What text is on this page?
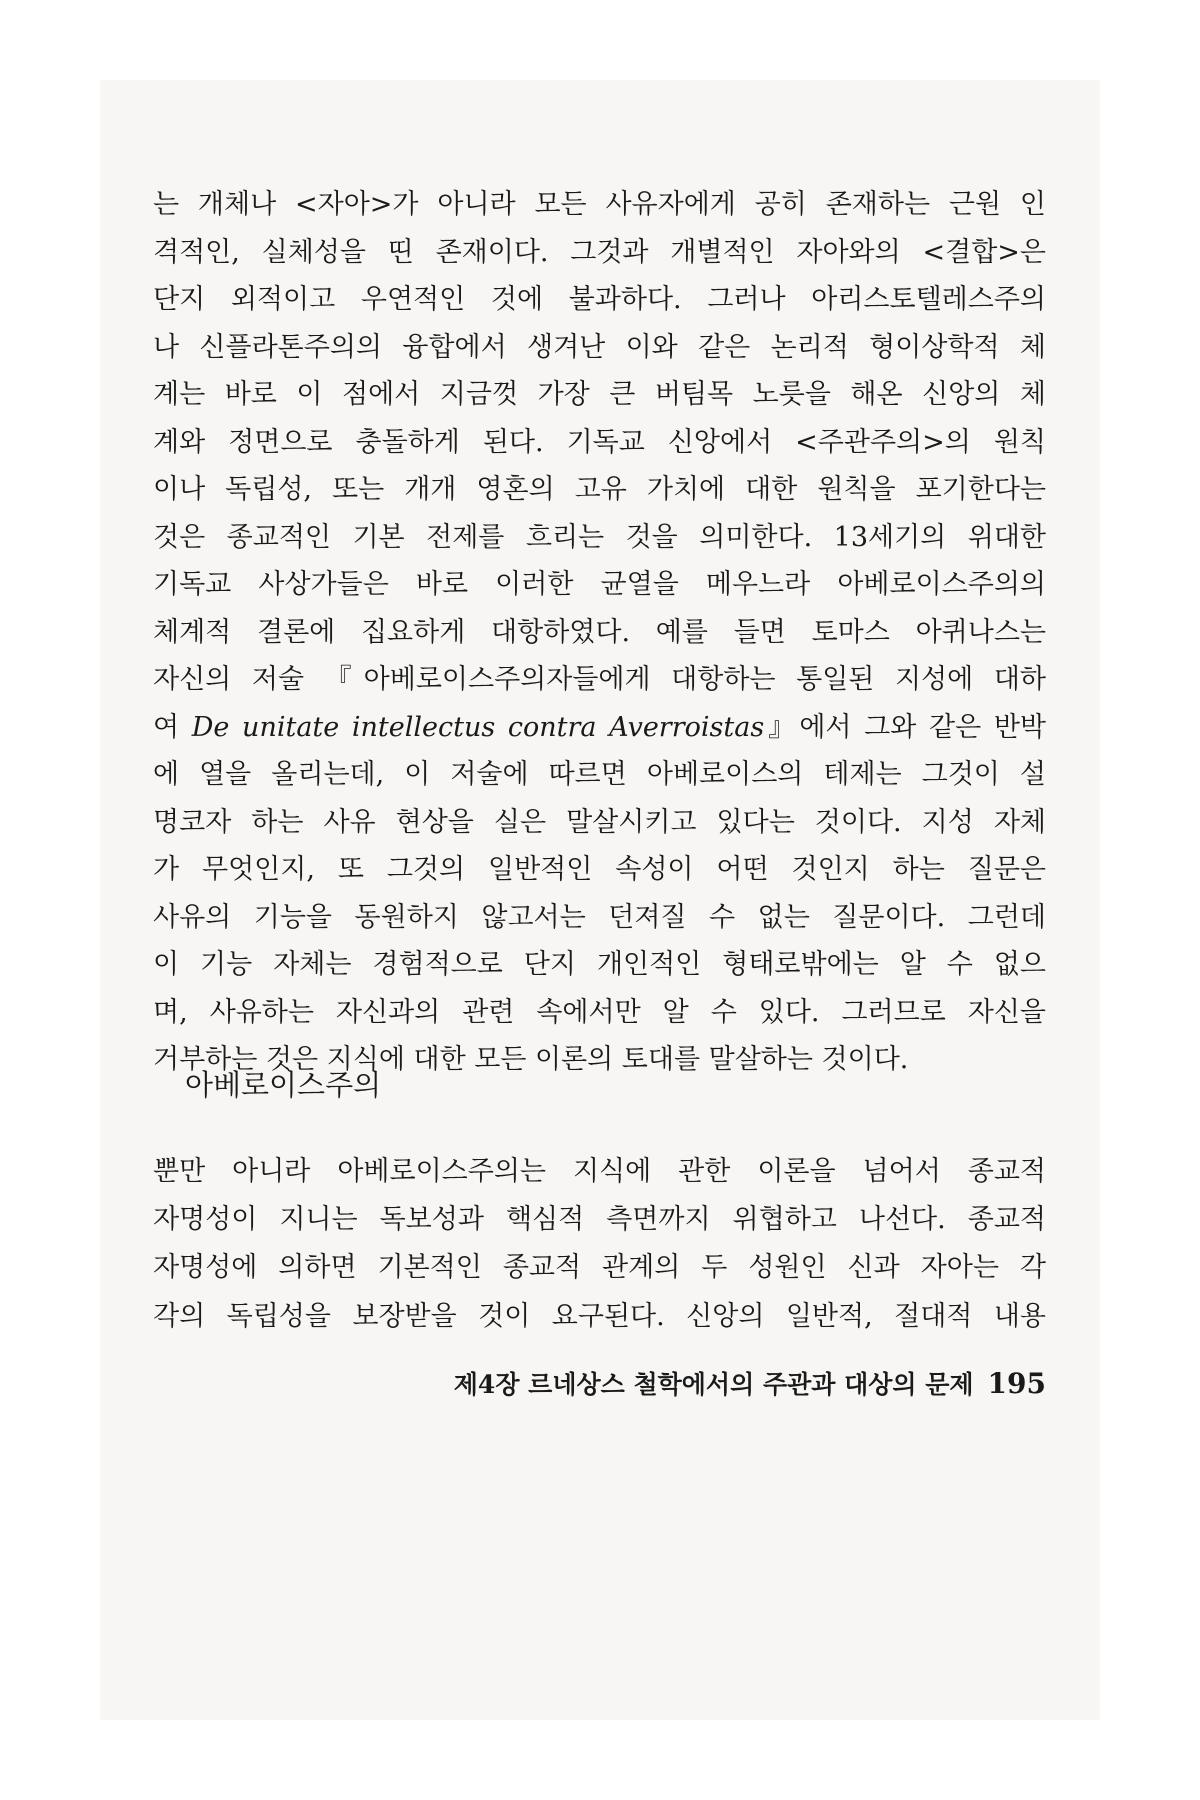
는 개체나 <자아>가 아니라 모든 사유자에게 공히 존재하는 근원 인
격적인, 실체성을 띤 존재이다. 그것과 개별적인 자아와의 <결합>은
단지 외적이고 우연적인 것에 불과하다. 그러나 아리스토텔레스주의
나 신플라톤주의의 융합에서 생겨난 이와 같은 논리적 형이상학적 체
계는 바로 이 점에서 지금껏 가장 큰 버팀목 노릇을 해온 신앙의 체
계와 정면으로 충돌하게 된다. 기독교 신앙에서 <주관주의>의 원칙
이나 독립성, 또는 개개 영혼의 고유 가치에 대한 원칙을 포기한다는
것은 종교적인 기본 전제를 흐리는 것을 의미한다. 13세기의 위대한
기독교 사상가들은 바로 이러한 균열을 메우느라 아베로이스주의의
체계적 결론에 집요하게 대항하였다. 예를 들면 토마스 아퀴나스는
자신의 저술 『아베로이스주의자들에게 대항하는 통일된 지성에 대하
여 De unitate intellectus contra Averroistas』에서 그와 같은 반박
에 열을 올리는데, 이 저술에 따르면 아베로이스의 테제는 그것이 설
명코자 하는 사유 현상을 실은 말살시키고 있다는 것이다. 지성 자체
가 무엇인지, 또 그것의 일반적인 속성이 어떤 것인지 하는 질문은
사유의 기능을 동원하지 않고서는 던져질 수 없는 질문이다. 그런데
아베로이스주의
뿐만 아니라 아베로이스주의는 지식에 관한 이론을 넘어서 종교적
자명성이 지니는 독보성과 핵심적 측면까지 위협하고 나선다. 종교적
자명성에 의하면 기본적인 종교적 관계의 두 성원인 신과 자아는 각
각의 독립성을 보장받을 것이 요구된다. 신앙의 일반적, 절대적 내용
제4장 르네상스 철학에서의 주관과 대상의 문제 195
이 기능 자체는 경험적으로 단지 개인적인 형태로밖에는 알 수 없으
며, 사유하는 자신과의 관련 속에서만 알 수 있다. 그러므로 자신을
거부하는 것은 지식에 대한 모든 이론의 토대를 말살하는 것이다.
